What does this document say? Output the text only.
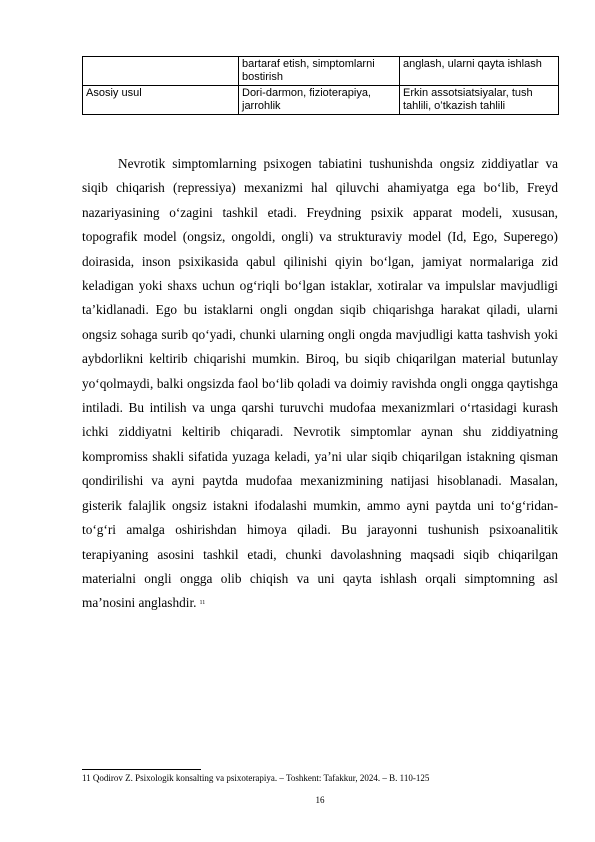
	bartaraf etish, simptomlarni bostirish	anglash, ularni qayta ishlash
Asosiy usul	Dori-darmon, fizioterapiya, jarrohlik	Erkin assotsiatsiyalar, tush tahlili, oʻtkazish tahlili

Nevrotik simptomlarning psixogen tabiatini tushunishda ongsiz ziddiyatlar va siqib chiqarish (repressiya) mexanizmi hal qiluvchi ahamiyatga ega boʻlib, Freyd nazariyasining oʻzagini tashkil etadi. Freydning psixik apparat modeli, xususan, topografik model (ongsiz, ongoldi, ongli) va strukturaviy model (Id, Ego, Superego) doirasida, inson psixikasida qabul qilinishi qiyin boʻlgan, jamiyat normalariga zid keladigan yoki shaxs uchun ogʻriqli boʻlgan istaklar, xotiralar va impulslar mavjudligi taʼkidlanadi. Ego bu istaklarni ongli ongdan siqib chiqarishga harakat qiladi, ularni ongsiz sohaga surib qoʻyadi, chunki ularning ongli ongda mavjudligi katta tashvish yoki aybdorlikni keltirib chiqarishi mumkin. Biroq, bu siqib chiqarilgan material butunlay yoʻqolmaydi, balki ongsizda faol boʻlib qoladi va doimiy ravishda ongli ongga qaytishga intiladi. Bu intilish va unga qarshi turuvchi mudofaa mexanizmlari oʻrtasidagi kurash ichki ziddiyatni keltirib chiqaradi. Nevrotik simptomlar aynan shu ziddiyatning kompromiss shakli sifatida yuzaga keladi, yaʼni ular siqib chiqarilgan istakning qisman qondirilishi va ayni paytda mudofaa mexanizmining natijasi hisoblanadi. Masalan, gisterik falajlik ongsiz istakni ifodalashi mumkin, ammo ayni paytda uni toʻgʻridan-toʻgʻri amalga oshirishdan himoya qiladi. Bu jarayonni tushunish psixoanalitik terapiyaning asosini tashkil etadi, chunki davolashning maqsadi siqib chiqarilgan materialni ongli ongga olib chiqish va uni qayta ishlash orqali simptomning asl maʼnosini anglashdir. $^{11}$

11 Qodirov Z. Psixologik konsalting va psixoterapiya. – Toshkent: Tafakkur, 2024. – B. 110-125
16
